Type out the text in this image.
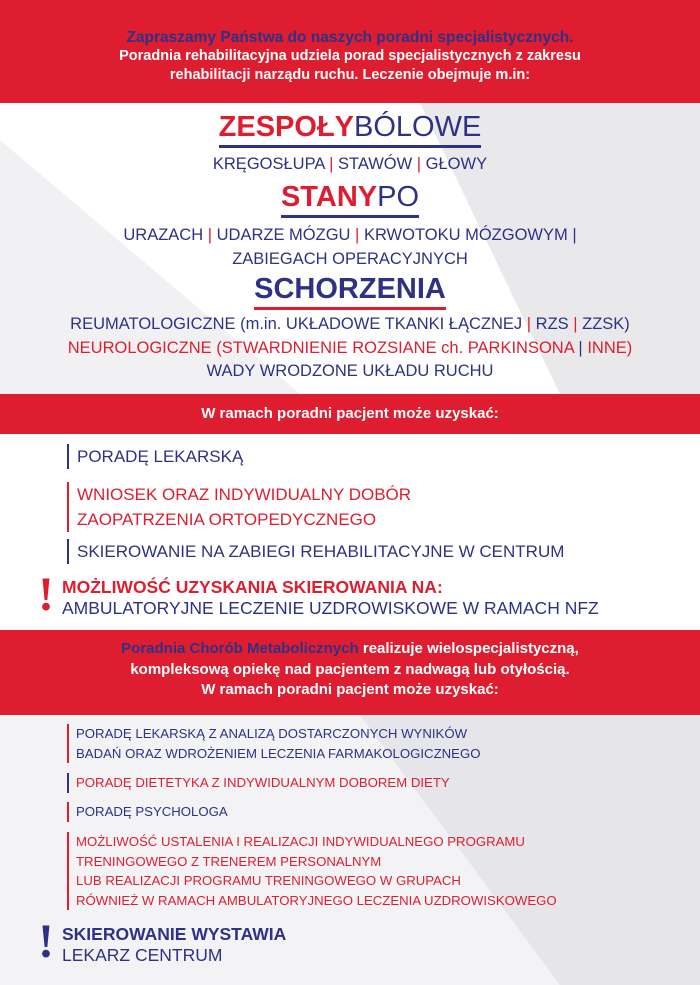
Zapraszamy Państwa do naszych poradni specjalistycznych.
Poradnia rehabilitacyjna udziela porad specjalistycznych z zakresu
rehabilitacji narządu ruchu. Leczenie obejmuje m.in:
ZESPOŁYBÓLOWE
KRĘGOSŁUPA | STAWÓW | GŁOWY
STANYPO
URAZACH | UDARZE MÓZGU | KRWOTOKU MÓZGOWYM |
ZABIEGACH OPERACYJNYCH
SCHORZENIA
REUMATOLOGICZNE (m.in. UKŁADOWE TKANKI ŁĄCZNEJ | RZS | ZZSK)
NEUROLOGICZNE (STWARDNIENIE ROZSIANE ch. PARKINSONA | INNE)
WADY WRODZONE UKŁADU RUCHU
W ramach poradni pacjent może uzyskać:
PORADĘ LEKARSKĄ
WNIOSEK ORAZ INDYWIDUALNY DOBÓR
ZAOPATRZENIA ORTOPEDYCZNEGO
SKIEROWANIE NA ZABIEGI REHABILITACYJNE W CENTRUM
! MOŻLIWOŚĆ UZYSKANIA SKIEROWANIA NA:
AMBULATORYJNE LECZENIE UZDROWISKOWE W RAMACH NFZ
Poradnia Chorób Metabolicznych realizuje wielospecjalistyczną,
kompleksową opiekę nad pacjentem z nadwagą lub otyłością.
W ramach poradni pacjent może uzyskać:
PORADĘ LEKARSKĄ Z ANALIZĄ DOSTARCZONYCH WYNIKÓW
BADAŃ ORAZ WDROŻENIEM LECZENIA FARMAKOLOGICZNEGO
PORADĘ DIETETYKA Z INDYWIDUALNYM DOBOREM DIETY
PORADĘ PSYCHOLOGA
MOŻLIWOŚĆ USTALENIA I REALIZACJI INDYWIDUALNEGO PROGRAMU
TRENINGOWEGO Z TRENEREM PERSONALNYM
LUB REALIZACJI PROGRAMU TRENINGOWEGO W GRUPACH
RÓWNIEŻ W RAMACH AMBULATORYJNEGO LECZENIA UZDROWISKOWEGO
! SKIEROWANIE WYSTAWIA
LEKARZ CENTRUM
